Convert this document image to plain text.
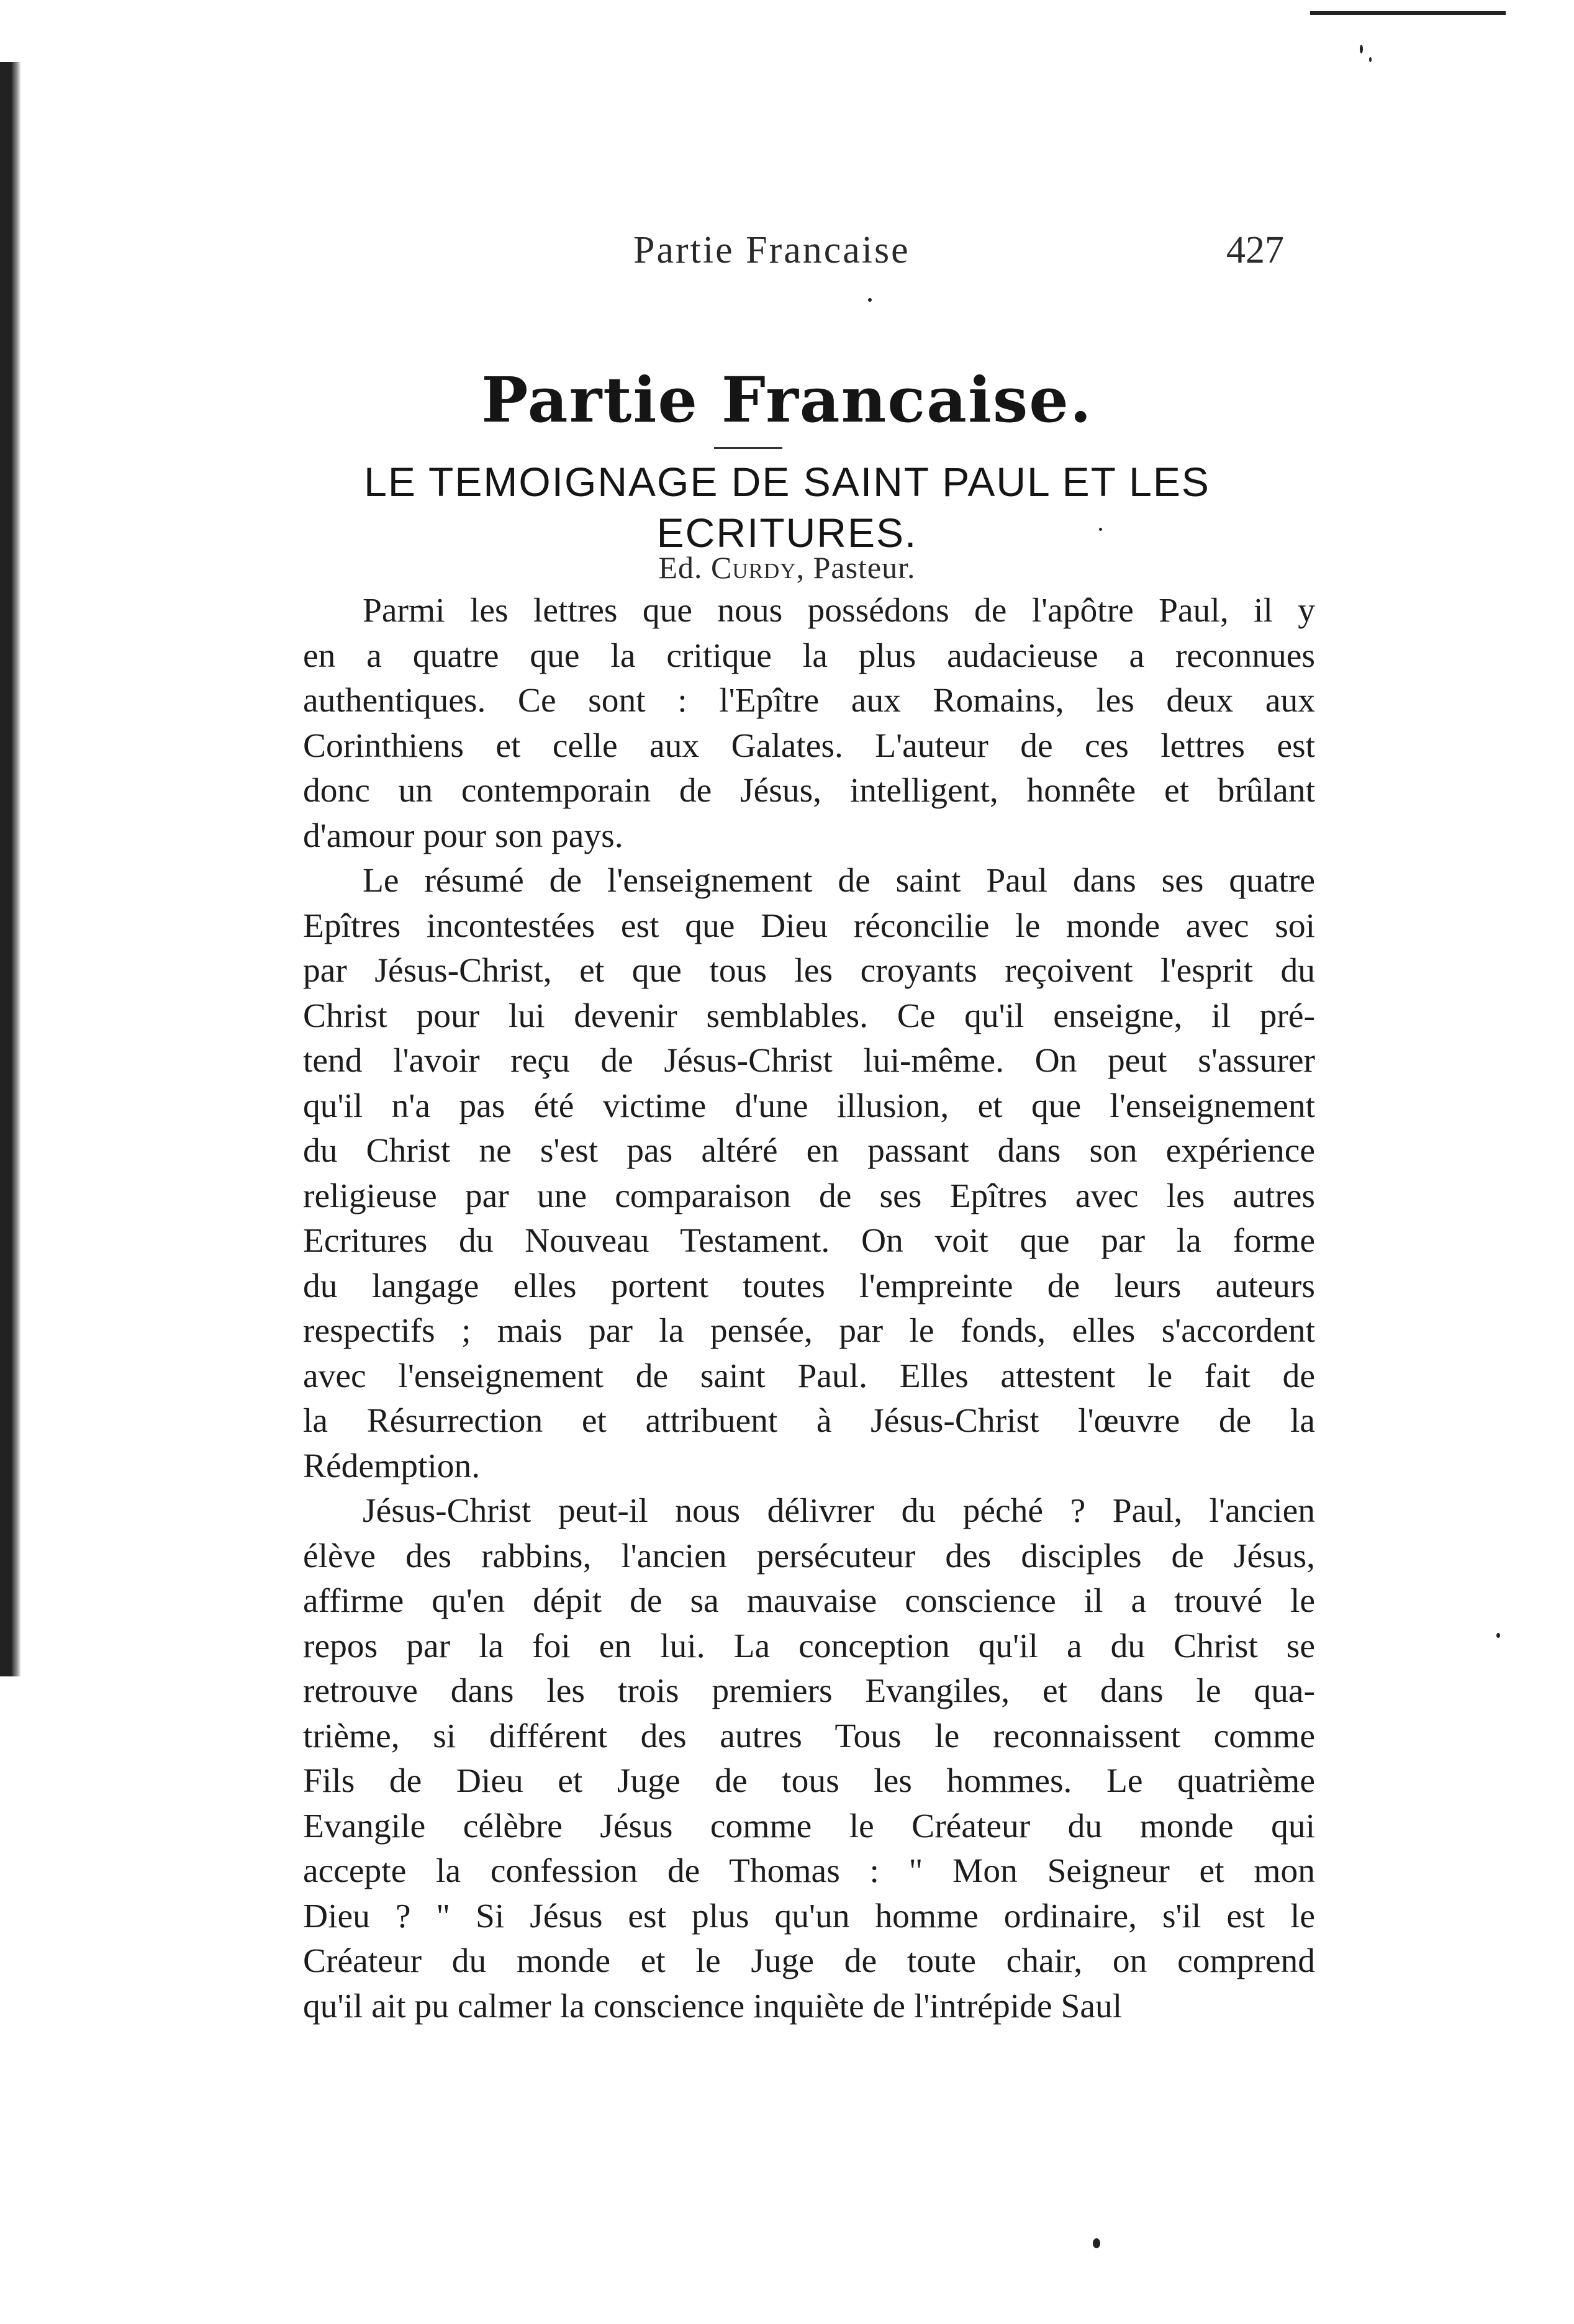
Partie Francaise	427
Partie Francaise.
LE TEMOIGNAGE DE SAINT PAUL ET LES
ECRITURES.
Ed. Curdy, Pasteur.

Parmi les lettres que nous possédons de l'apôtre Paul, il y
en a quatre que la critique la plus audacieuse a reconnues
authentiques. Ce sont : l'Epître aux Romains, les deux aux
Corinthiens et celle aux Galates. L'auteur de ces lettres est
donc un contemporain de Jésus, intelligent, honnête et brûlant
d'amour pour son pays.

Le résumé de l'enseignement de saint Paul dans ses quatre
Epîtres incontestées est que Dieu réconcilie le monde avec soi
par Jésus-Christ, et que tous les croyants reçoivent l'esprit du
Christ pour lui devenir semblables. Ce qu'il enseigne, il pré-
tend l'avoir reçu de Jésus-Christ lui-même. On peut s'assurer
qu'il n'a pas été victime d'une illusion, et que l'enseignement
du Christ ne s'est pas altéré en passant dans son expérience
religieuse par une comparaison de ses Epîtres avec les autres
Ecritures du Nouveau Testament. On voit que par la forme
du langage elles portent toutes l'empreinte de leurs auteurs
respectifs ; mais par la pensée, par le fonds, elles s'accordent
avec l'enseignement de saint Paul. Elles attestent le fait de
la Résurrection et attribuent à Jésus-Christ l'œuvre de la
Rédemption.

Jésus-Christ peut-il nous délivrer du péché ? Paul, l'ancien
élève des rabbins, l'ancien persécuteur des disciples de Jésus,
affirme qu'en dépit de sa mauvaise conscience il a trouvé le
repos par la foi en lui. La conception qu'il a du Christ se
retrouve dans les trois premiers Evangiles, et dans le qua-
trième, si différent des autres Tous le reconnaissent comme
Fils de Dieu et Juge de tous les hommes. Le quatrième
Evangile célèbre Jésus comme le Créateur du monde qui
accepte la confession de Thomas : " Mon Seigneur et mon
Dieu ? " Si Jésus est plus qu'un homme ordinaire, s'il est le
Créateur du monde et le Juge de toute chair, on comprend
qu'il ait pu calmer la conscience inquiète de l'intrépide Saul
